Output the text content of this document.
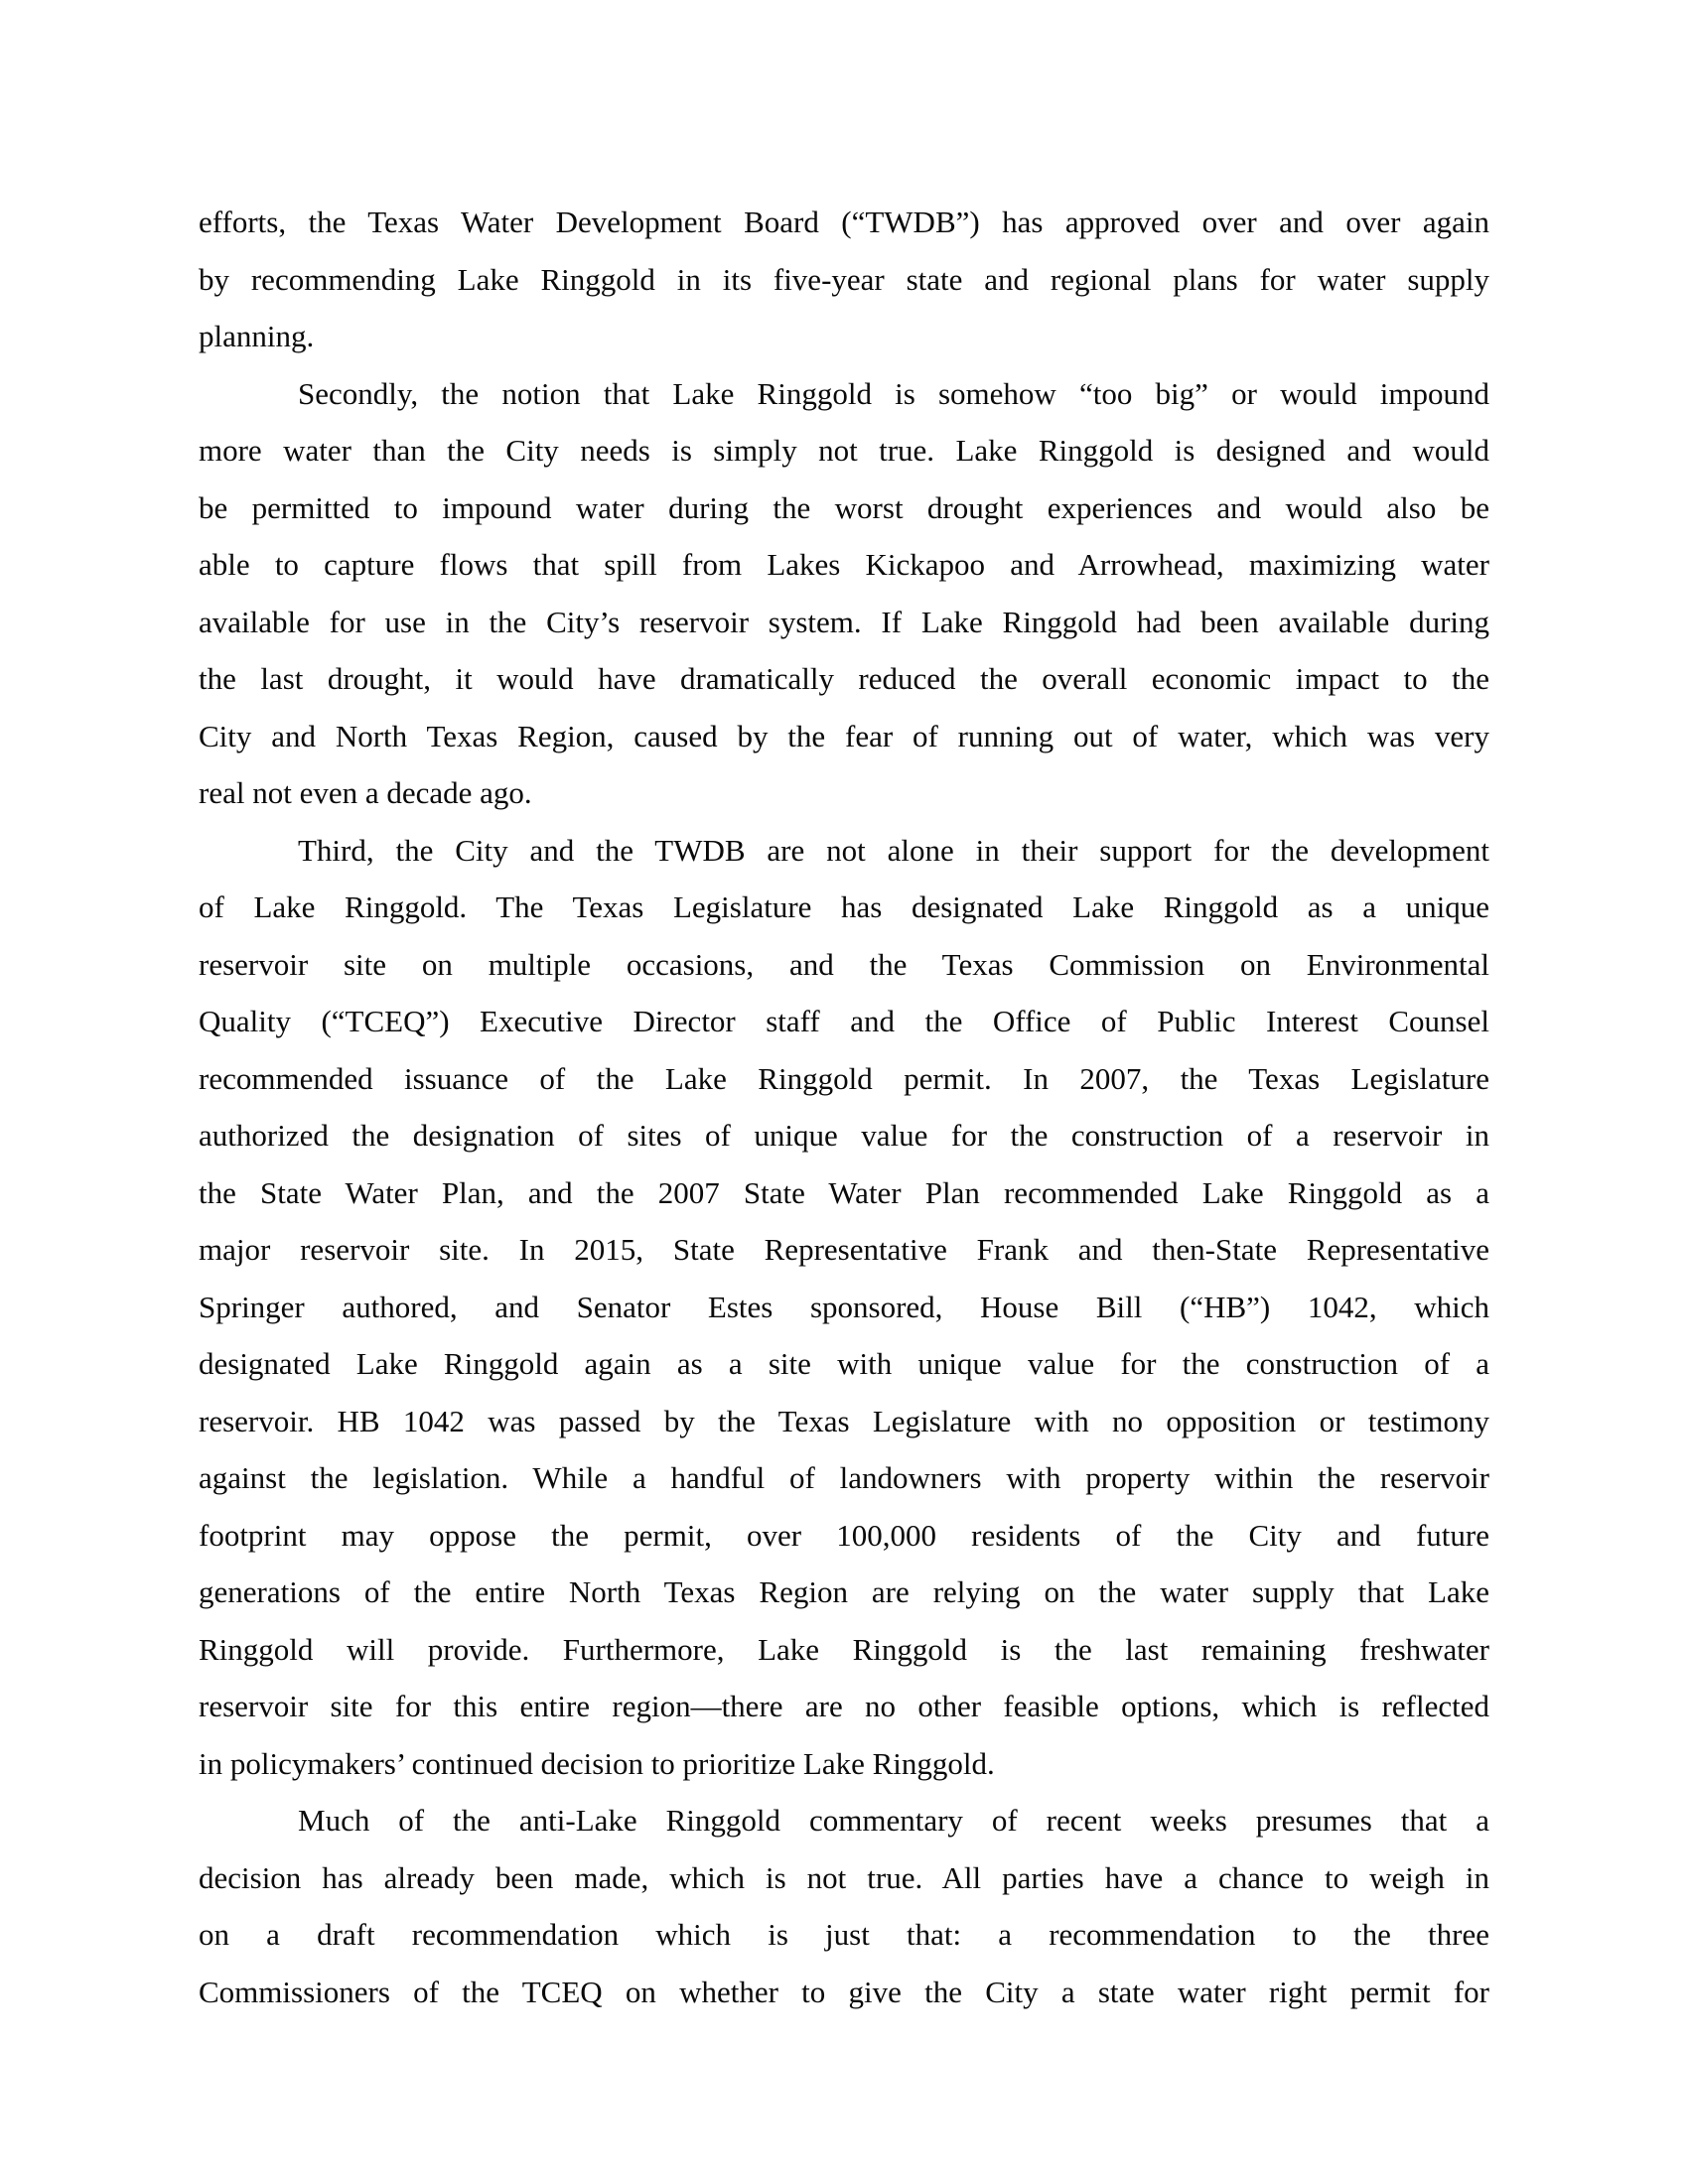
efforts, the Texas Water Development Board (“TWDB”) has approved over and over again
by recommending Lake Ringgold in its five-year state and regional plans for water supply
planning.
Secondly, the notion that Lake Ringgold is somehow “too big” or would impound
more water than the City needs is simply not true. Lake Ringgold is designed and would
be permitted to impound water during the worst drought experiences and would also be
able to capture flows that spill from Lakes Kickapoo and Arrowhead, maximizing water
available for use in the City’s reservoir system. If Lake Ringgold had been available during
the last drought, it would have dramatically reduced the overall economic impact to the
City and North Texas Region, caused by the fear of running out of water, which was very
real not even a decade ago.
Third, the City and the TWDB are not alone in their support for the development
of Lake Ringgold. The Texas Legislature has designated Lake Ringgold as a unique
reservoir site on multiple occasions, and the Texas Commission on Environmental
Quality (“TCEQ”) Executive Director staff and the Office of Public Interest Counsel
recommended issuance of the Lake Ringgold permit. In 2007, the Texas Legislature
authorized the designation of sites of unique value for the construction of a reservoir in
the State Water Plan, and the 2007 State Water Plan recommended Lake Ringgold as a
major reservoir site. In 2015, State Representative Frank and then-State Representative
Springer authored, and Senator Estes sponsored, House Bill (“HB”) 1042, which
designated Lake Ringgold again as a site with unique value for the construction of a
reservoir. HB 1042 was passed by the Texas Legislature with no opposition or testimony
against the legislation. While a handful of landowners with property within the reservoir
footprint may oppose the permit, over 100,000 residents of the City and future
generations of the entire North Texas Region are relying on the water supply that Lake
Ringgold will provide. Furthermore, Lake Ringgold is the last remaining freshwater
reservoir site for this entire region—there are no other feasible options, which is reflected
in policymakers’ continued decision to prioritize Lake Ringgold.
Much of the anti-Lake Ringgold commentary of recent weeks presumes that a
decision has already been made, which is not true. All parties have a chance to weigh in
on a draft recommendation which is just that: a recommendation to the three
Commissioners of the TCEQ on whether to give the City a state water right permit for
